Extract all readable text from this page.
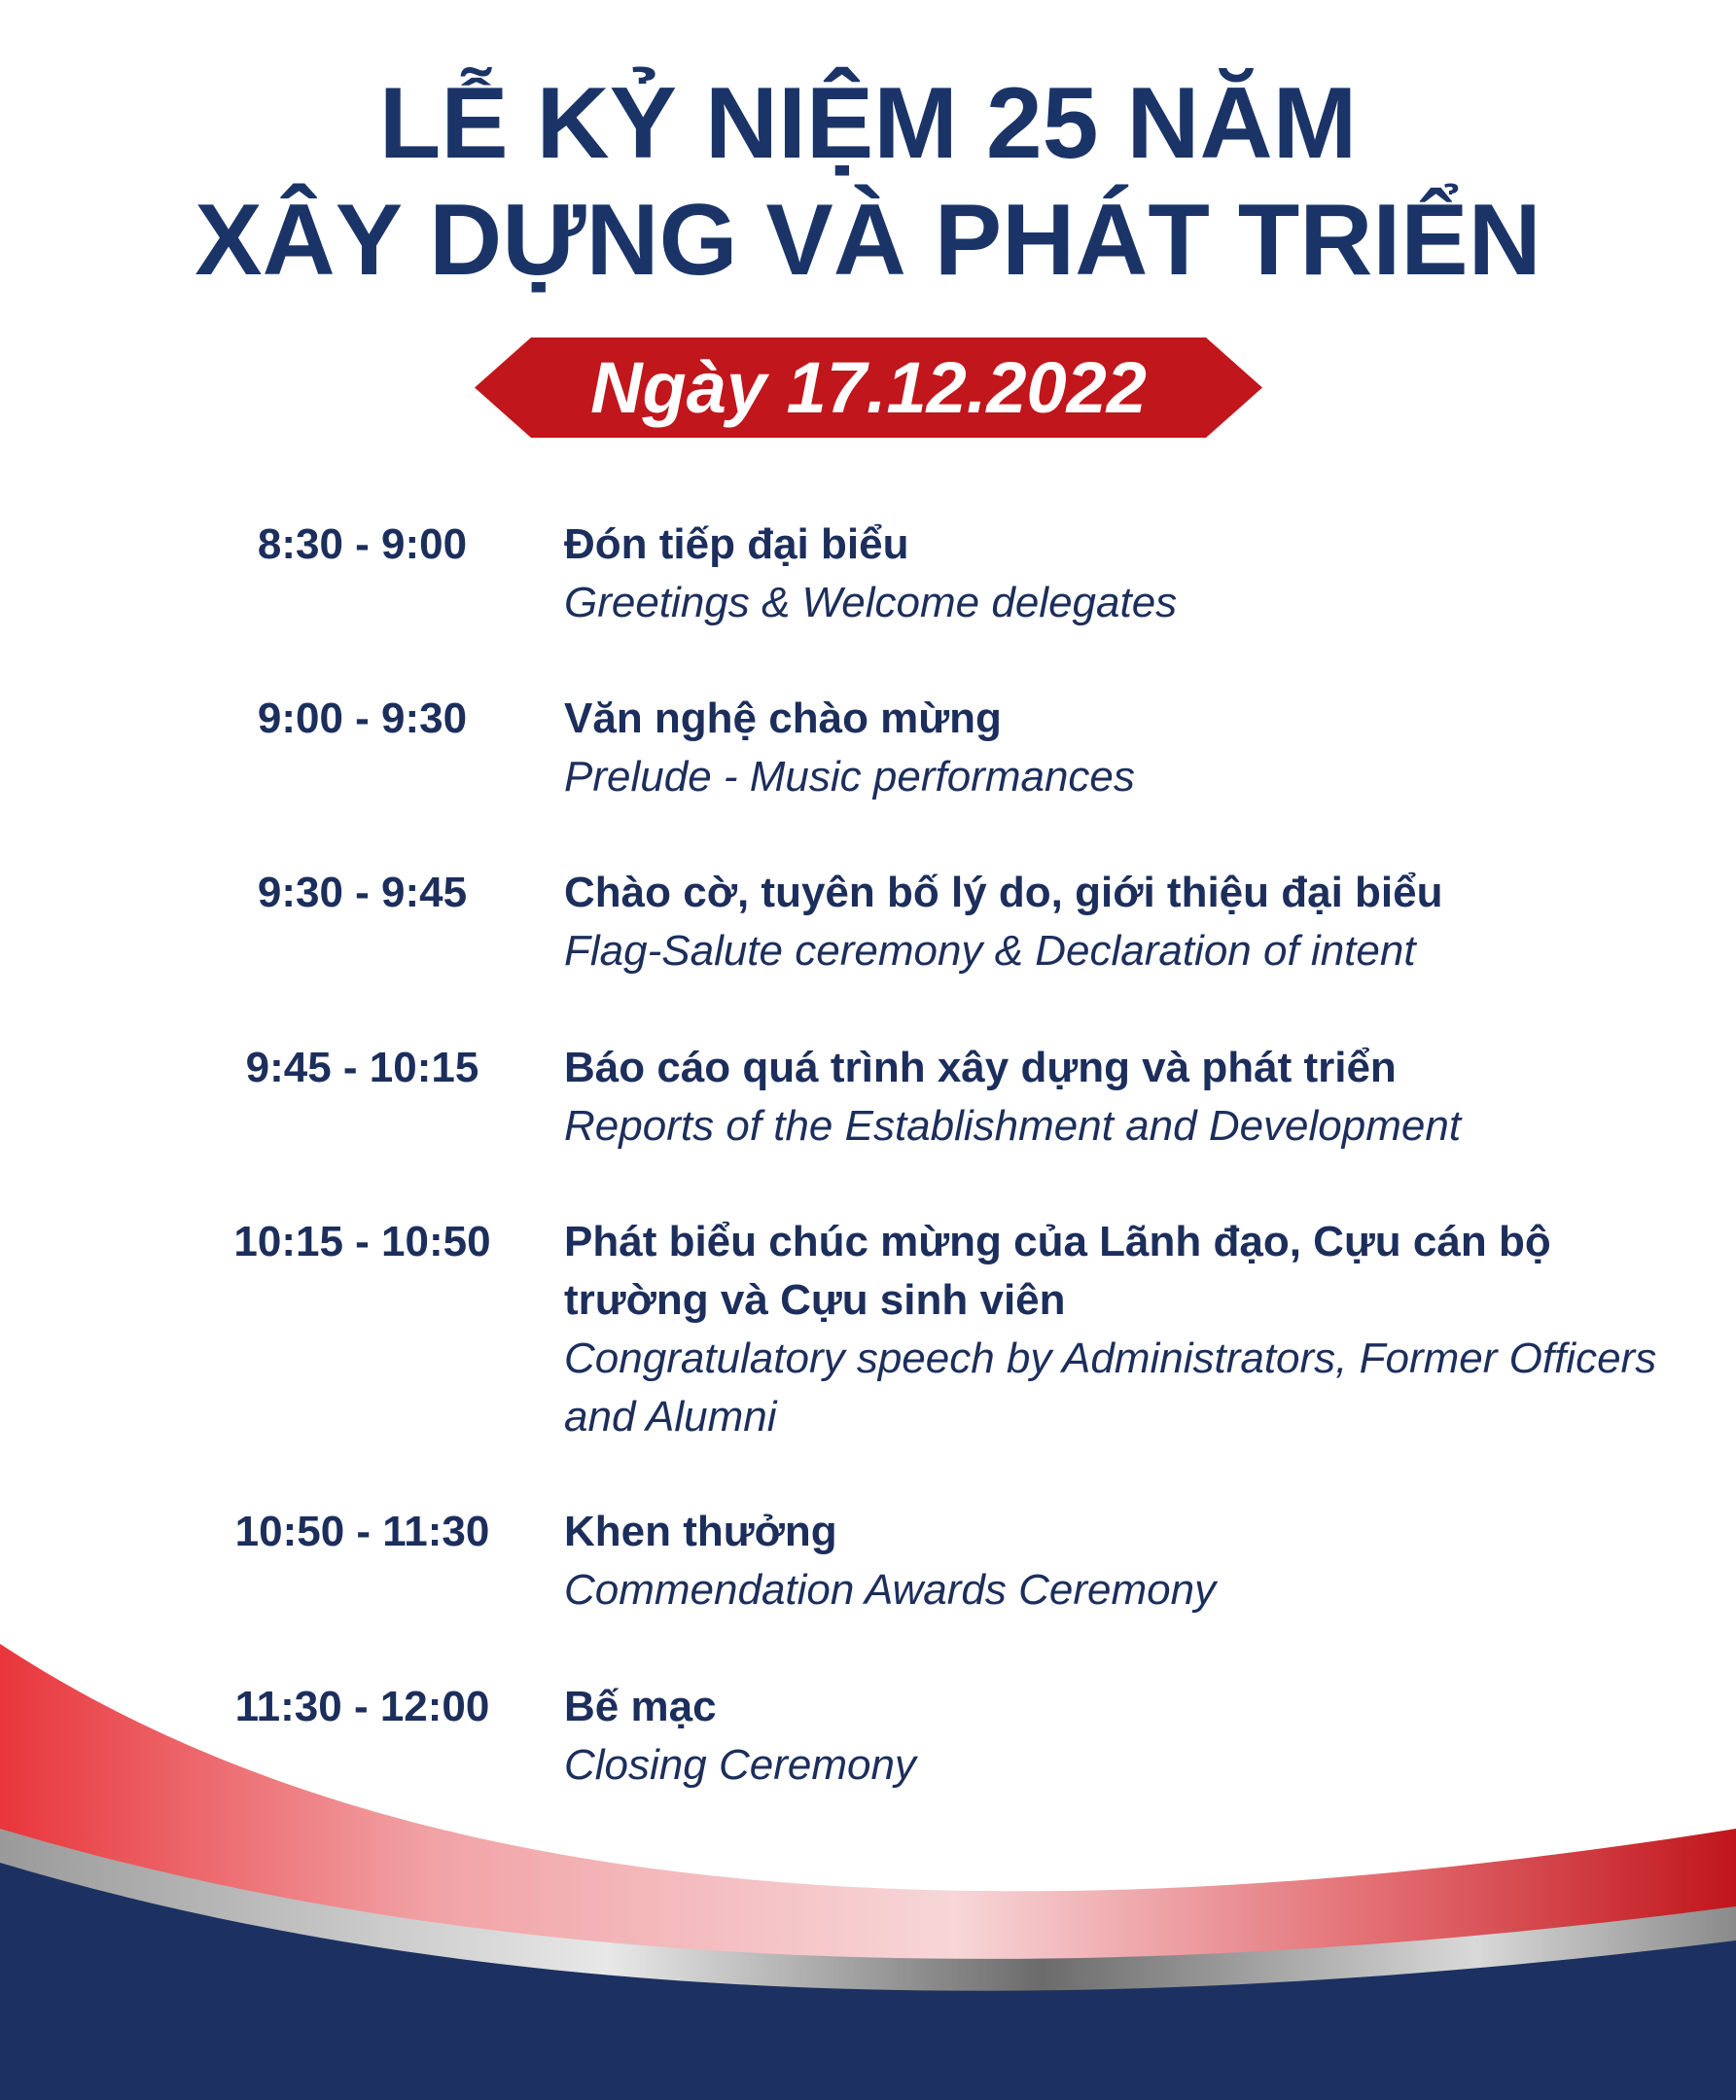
LỄ KỶ NIỆM 25 NĂM
XÂY DỰNG VÀ PHÁT TRIỂN
Ngày 17.12.2022
8:30 - 9:00	Đón tiếp đại biểu
Greetings & Welcome delegates
9:00 - 9:30	Văn nghệ chào mừng
Prelude - Music performances
9:30 - 9:45	Chào cờ, tuyên bố lý do, giới thiệu đại biểu
Flag-Salute ceremony & Declaration of intent
9:45 - 10:15	Báo cáo quá trình xây dựng và phát triển
Reports of the Establishment and Development
10:15 - 10:50	Phát biểu chúc mừng của Lãnh đạo, Cựu cán bộ trường và Cựu sinh viên
Congratulatory speech by Administrators, Former Officers and Alumni
10:50 - 11:30	Khen thưởng
Commendation Awards Ceremony
11:30 - 12:00	Bế mạc
Closing Ceremony
